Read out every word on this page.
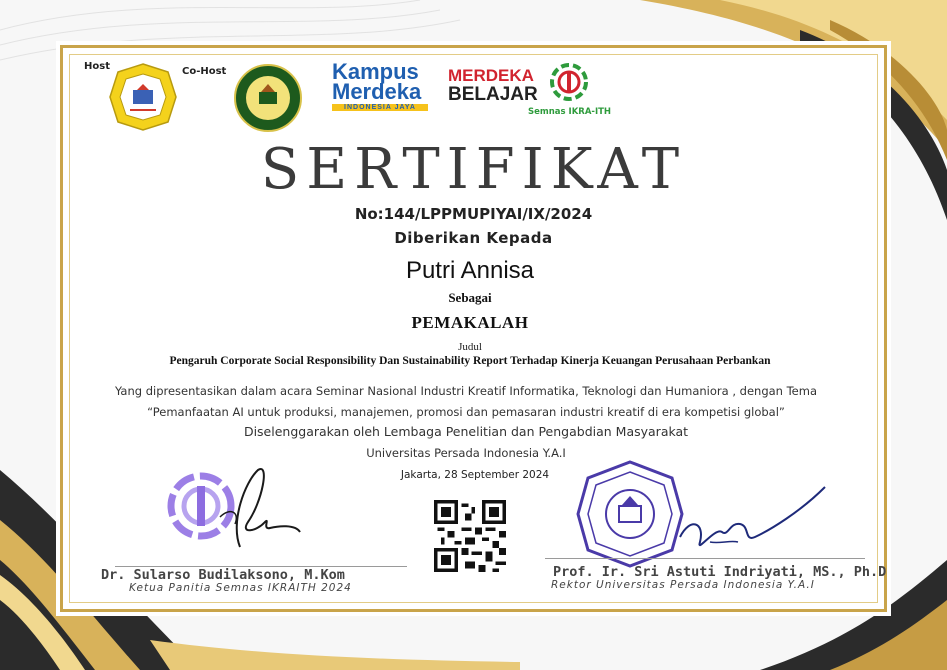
Host	Co-Host	Kampus
Merdeka
INDONESIA JAYA
MERDEKA
BELAJAR
Semnas IKRA-ITH
SERTIFIKAT
No:144/LPPMUPIYAI/IX/2024
Diberikan Kepada
Putri Annisa
Sebagai
PEMAKALAH
Judul
Pengaruh Corporate Social Responsibility Dan Sustainability Report Terhadap Kinerja Keuangan Perusahaan Perbankan
Yang dipresentasikan dalam acara Seminar Nasional Industri Kreatif Informatika, Teknologi dan Humaniora , dengan Tema
“Pemanfaatan AI untuk produksi, manajemen, promosi dan pemasaran industri kreatif di era kompetisi global”
Diselenggarakan oleh Lembaga Penelitian dan Pengabdian Masyarakat
Universitas Persada Indonesia Y.A.I
Jakarta, 28 September 2024
Dr. Sularso Budilaksono, M.Kom
Ketua Panitia Semnas IKRAITH 2024
Prof. Ir. Sri Astuti Indriyati, MS., Ph.D
Rektor Universitas Persada Indonesia Y.A.I
